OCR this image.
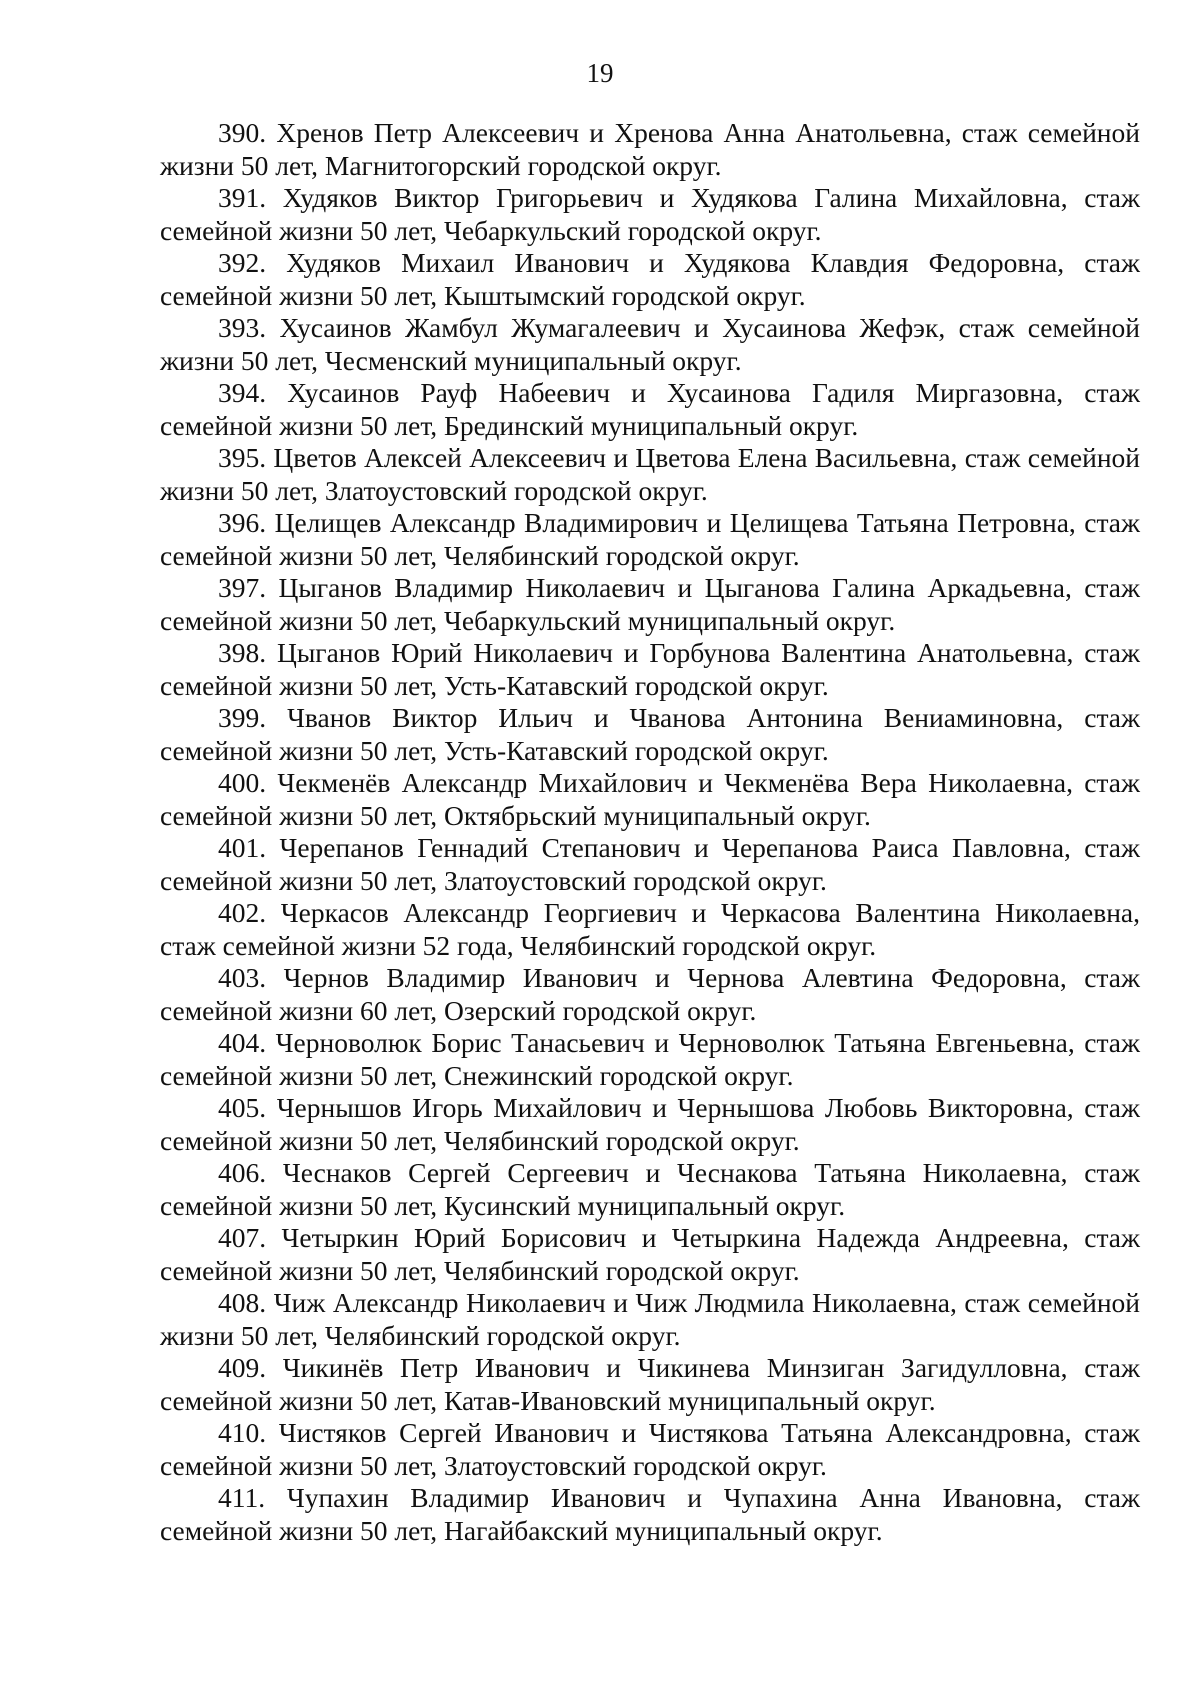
19
390. Хренов Петр Алексеевич и Хренова Анна Анатольевна, стаж семейной жизни 50 лет, Магнитогорский городской округ.
391. Худяков Виктор Григорьевич и Худякова Галина Михайловна, стаж семейной жизни 50 лет, Чебаркульский городской округ.
392. Худяков Михаил Иванович и Худякова Клавдия Федоровна, стаж семейной жизни 50 лет, Кыштымский городской округ.
393. Хусаинов Жамбул Жумагалеевич и Хусаинова Жефэк, стаж семейной жизни 50 лет, Чесменский муниципальный округ.
394. Хусаинов Рауф Набеевич и Хусаинова Гадиля Миргазовна, стаж семейной жизни 50 лет, Брединский муниципальный округ.
395. Цветов Алексей Алексеевич и Цветова Елена Васильевна, стаж семейной жизни 50 лет, Златоустовский городской округ.
396. Целищев Александр Владимирович и Целищева Татьяна Петровна, стаж семейной жизни 50 лет, Челябинский городской округ.
397. Цыганов Владимир Николаевич и Цыганова Галина Аркадьевна, стаж семейной жизни 50 лет, Чебаркульский муниципальный округ.
398. Цыганов Юрий Николаевич и Горбунова Валентина Анатольевна, стаж семейной жизни 50 лет, Усть-Катавский городской округ.
399. Чванов Виктор Ильич и Чванова Антонина Вениаминовна, стаж семейной жизни 50 лет, Усть-Катавский городской округ.
400. Чекменёв Александр Михайлович и Чекменёва Вера Николаевна, стаж семейной жизни 50 лет, Октябрьский муниципальный округ.
401. Черепанов Геннадий Степанович и Черепанова Раиса Павловна, стаж семейной жизни 50 лет, Златоустовский городской округ.
402. Черкасов Александр Георгиевич и Черкасова Валентина Николаевна, стаж семейной жизни 52 года, Челябинский городской округ.
403. Чернов Владимир Иванович и Чернова Алевтина Федоровна, стаж семейной жизни 60 лет, Озерский городской округ.
404. Черноволюк Борис Танасьевич и Черноволюк Татьяна Евгеньевна, стаж семейной жизни 50 лет, Снежинский городской округ.
405. Чернышов Игорь Михайлович и Чернышова Любовь Викторовна, стаж семейной жизни 50 лет, Челябинский городской округ.
406. Чеснаков Сергей Сергеевич и Чеснакова Татьяна Николаевна, стаж семейной жизни 50 лет, Кусинский муниципальный округ.
407. Четыркин Юрий Борисович и Четыркина Надежда Андреевна, стаж семейной жизни 50 лет, Челябинский городской округ.
408. Чиж Александр Николаевич и Чиж Людмила Николаевна, стаж семейной жизни 50 лет, Челябинский городской округ.
409. Чикинёв Петр Иванович и Чикинева Минзиган Загидулловна, стаж семейной жизни 50 лет, Катав-Ивановский муниципальный округ.
410. Чистяков Сергей Иванович и Чистякова Татьяна Александровна, стаж семейной жизни 50 лет, Златоустовский городской округ.
411. Чупахин Владимир Иванович и Чупахина Анна Ивановна, стаж семейной жизни 50 лет, Нагайбакский муниципальный округ.
